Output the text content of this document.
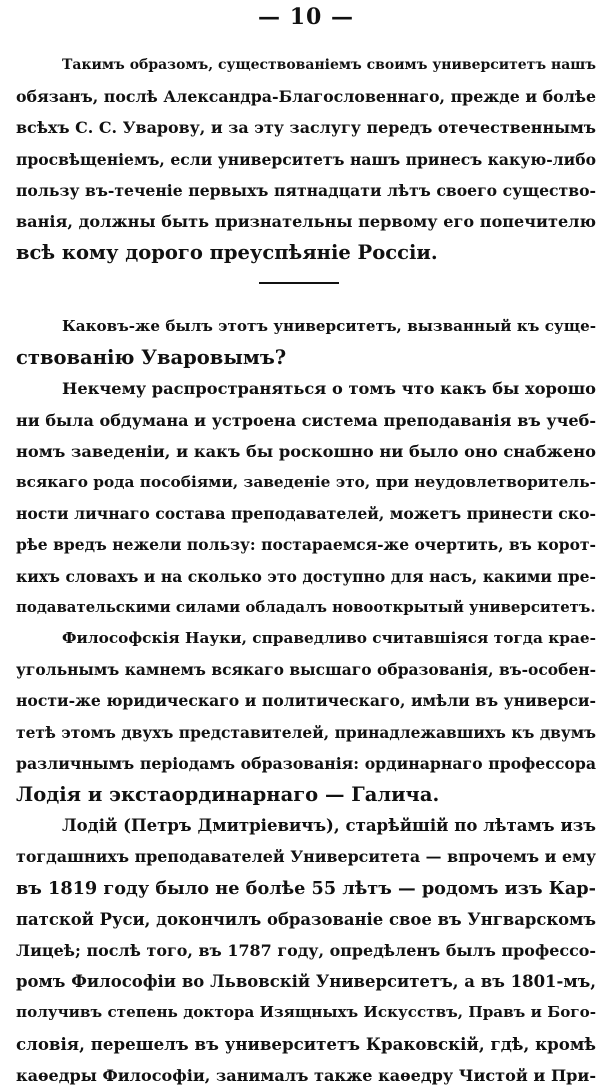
— 10 —
Такимъ образомъ, существованіемъ своимъ университетъ нашъ
обязанъ, послѣ Александра-Благословеннаго, прежде и болѣе
всѣхъ С. С. Уварову, и за эту заслугу передъ отечественнымъ
просвѣщеніемъ, если университетъ нашъ принесъ какую-либо
пользу въ-теченіе первыхъ пятнадцати лѣтъ своего существо-
ванія, должны быть признательны первому его попечителю
всѣ кому дорого преуспѣяніе Россіи.
Каковъ-же былъ этотъ университетъ, вызванный къ суще-
ствованію Уваровымъ?
Некчему распространяться о томъ что какъ бы хорошо
ни была обдумана и устроена система преподаванія въ учеб-
номъ заведеніи, и какъ бы роскошно ни было оно снабжено
всякаго рода пособіями, заведеніе это, при неудовлетворитель-
ности личнаго состава преподавателей, можетъ принести ско-
рѣе вредъ нежели пользу: постараемся-же очертить, въ корот-
кихъ словахъ и на сколько это доступно для насъ, какими пре-
подавательскими силами обладалъ новооткрытый университетъ.
Философскія Науки, справедливо считавшіяся тогда крае-
угольнымъ камнемъ всякаго высшаго образованія, въ-особен-
ности-же юридическаго и политическаго, имѣли въ универси-
тетѣ этомъ двухъ представителей, принадлежавшихъ къ двумъ
различнымъ періодамъ образованія: ординарнаго профессора
Лодія и экстаординарнаго — Галича.
Лодій (Петръ Дмитріевичъ), старѣйшій по лѣтамъ изъ
тогдашнихъ преподавателей Университета — впрочемъ и ему
въ 1819 году было не болѣе 55 лѣтъ — родомъ изъ Кар-
патской Руси, докончилъ образованіе свое въ Унгварскомъ
Лицеѣ; послѣ того, въ 1787 году, опредѣленъ былъ профессо-
ромъ Философіи во Львовскій Университетъ, а въ 1801-мъ,
получивъ степень доктора Изящныхъ Искусствъ, Правъ и Бого-
словія, перешелъ въ университетъ Краковскій, гдѣ, кромѣ
каѳедры Философіи, занималъ также каѳедру Чистой и При-
